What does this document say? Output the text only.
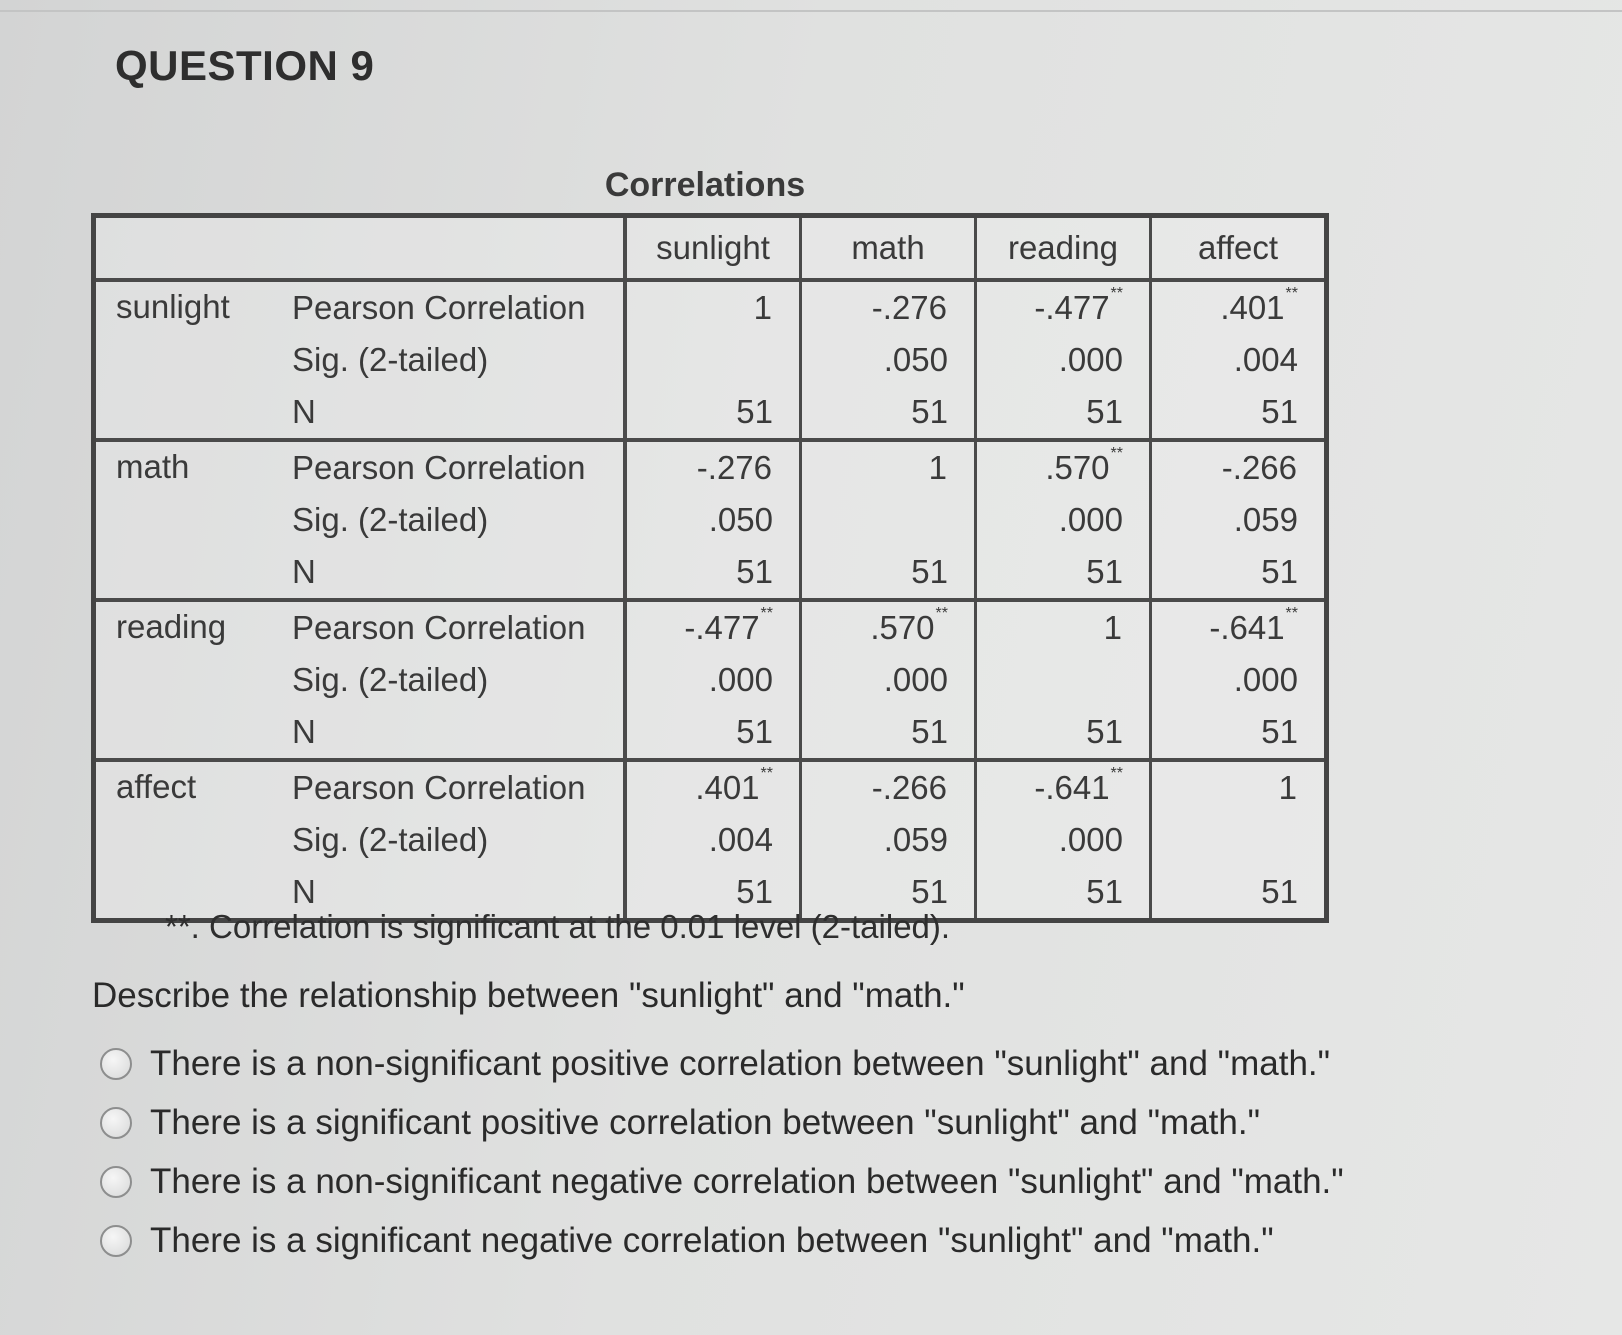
QUESTION 9
Correlations
		sunlight	math	reading	affect
sunlight	Pearson Correlation	1	-.276	-.477**	.401**
	Sig. (2-tailed)		.050	.000	.004
	N	51	51	51	51
math	Pearson Correlation	-.276	1	.570**	-.266
	Sig. (2-tailed)	.050		.000	.059
	N	51	51	51	51
reading	Pearson Correlation	-.477**	.570**	1	-.641**
	Sig. (2-tailed)	.000	.000		.000
	N	51	51	51	51
affect	Pearson Correlation	.401**	-.266	-.641**	1
	Sig. (2-tailed)	.004	.059	.000	
	N	51	51	51	51
**. Correlation is significant at the 0.01 level (2-tailed).
Describe the relationship between "sunlight" and "math."
There is a non-significant positive correlation between "sunlight" and "math."
There is a significant positive correlation between "sunlight" and "math."
There is a non-significant negative correlation between "sunlight" and "math."
There is a significant negative correlation between "sunlight" and "math."
